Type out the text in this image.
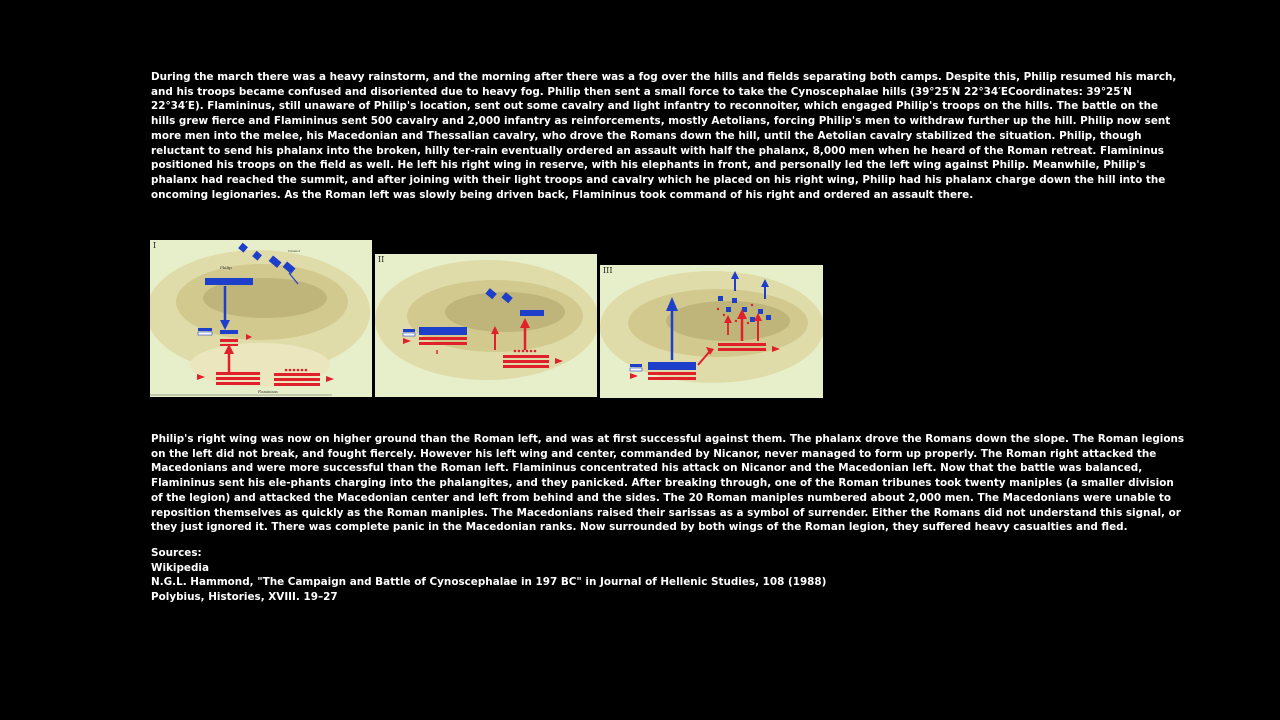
During the march there was a heavy rainstorm, and the morning after there was a fog over the hills and fields separating both camps. Despite this, Philip resumed his march, and his troops became confused and disoriented due to heavy fog. Philip then sent a small force to take the Cynoscephalae hills (39°25′N 22°34′ECoordinates: 39°25′N 22°34′E). Flamininus, still unaware of Philip's location, sent out some cavalry and light infantry to reconnoiter, which engaged Philip's troops on the hills. The battle on the hills grew fierce and Flamininus sent 500 cavalry and 2,000 infantry as reinforcements, mostly Aetolians, forcing Philip's men to withdraw further up the hill. Philip now sent more men into the melee, his Macedonian and Thessalian cavalry, who drove the Romans down the hill, until the Aetolian cavalry stabilized the situation. Philip, though reluctant to send his phalanx into the broken, hilly ter-rain eventually ordered an assault with half the phalanx, 8,000 men when he heard of the Roman retreat. Flamininus positioned his troops on the field as well. He left his right wing in reserve, with his elephants in front, and personally led the left wing against Philip. Meanwhile, Philip's phalanx had reached the summit, and after joining with their light troops and cavalry which he placed on his right wing, Philip had his phalanx charge down the hill into the oncoming legionaries. As the Roman left was slowly being driven back, Flamininus took command of his right and ordered an assault there.

Philip
Nicanor
Flamininus
I
II
III

Philip's right wing was now on higher ground than the Roman left, and was at first successful against them. The phalanx drove the Romans down the slope. The Roman legions on the left did not break, and fought fiercely. However his left wing and center, commanded by Nicanor, never managed to form up properly. The Roman right attacked the Macedonians and were more successful than the Roman left. Flamininus concentrated his attack on Nicanor and the Macedonian left. Now that the battle was balanced, Flamininus sent his ele-phants charging into the phalangites, and they panicked. After breaking through, one of the Roman tribunes took twenty maniples (a smaller division of the legion) and attacked the Macedonian center and left from behind and the sides. The 20 Roman maniples numbered about 2,000 men. The Macedonians were unable to reposition themselves as quickly as the Roman maniples. The Macedonians raised their sarissas as a symbol of surrender. Either the Romans did not understand this signal, or they just ignored it. There was complete panic in the Macedonian ranks. Now surrounded by both wings of the Roman legion, they suffered heavy casualties and fled.

Sources:
Wikipedia
N.G.L. Hammond, "The Campaign and Battle of Cynoscephalae in 197 BC" in Journal of Hellenic Studies, 108 (1988)
Polybius, Histories, XVIII. 19–27
